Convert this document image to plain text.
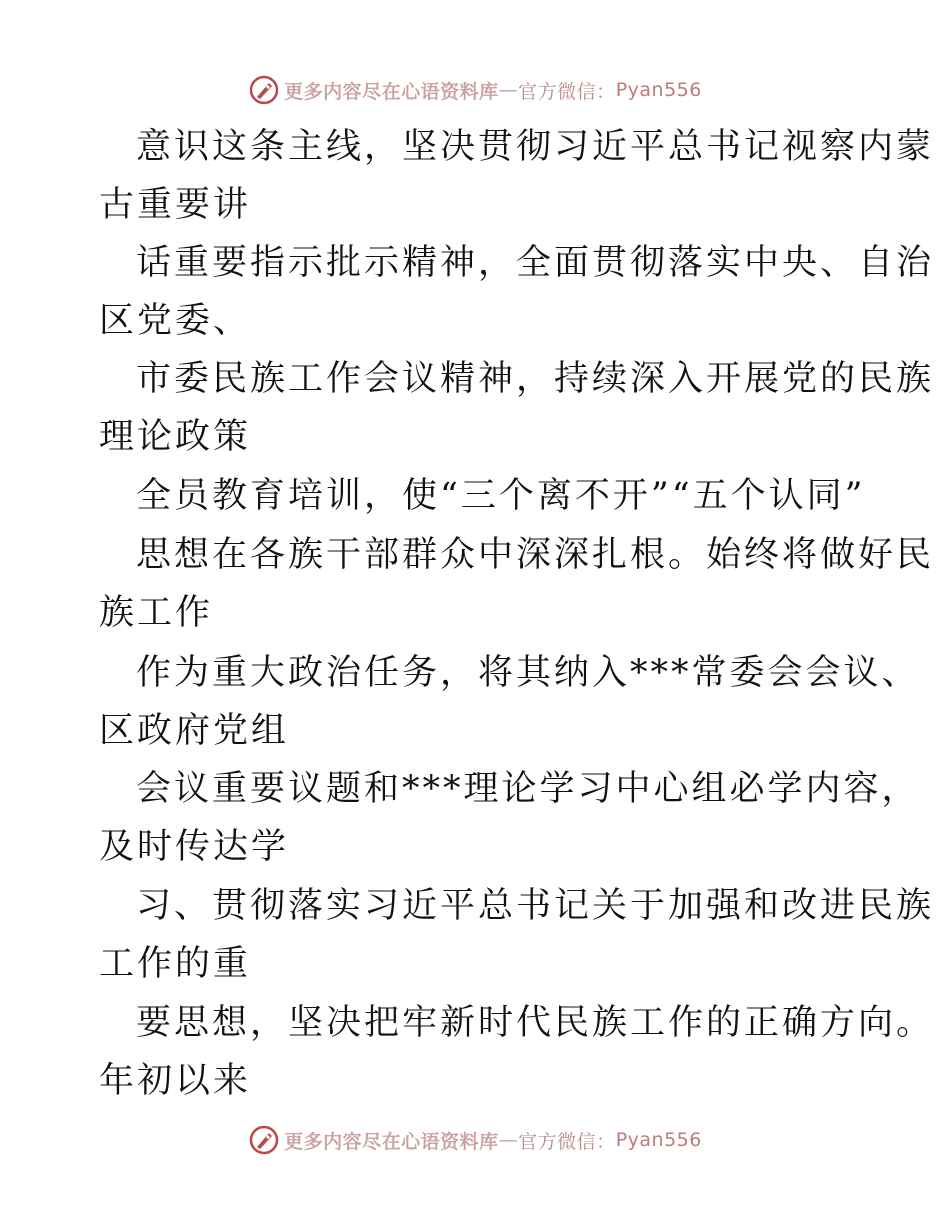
更多内容尽在心语资料库 — 官方微信： Pyan556
意识这条主线，坚决贯彻习近平总书记视察内蒙
古重要讲
话重要指示批示精神，全面贯彻落实中央、自治
区党委、
市委民族工作会议精神，持续深入开展党的民族
理论政策
全员教育培训，使“三个离不开”“五个认同”
思想在各族干部群众中深深扎根。始终将做好民
族工作
作为重大政治任务，将其纳入***常委会会议、
区政府党组
会议重要议题和***理论学习中心组必学内容，
及时传达学
习、贯彻落实习近平总书记关于加强和改进民族
工作的重
要思想，坚决把牢新时代民族工作的正确方向。
年初以来
更多内容尽在心语资料库 — 官方微信： Pyan556
